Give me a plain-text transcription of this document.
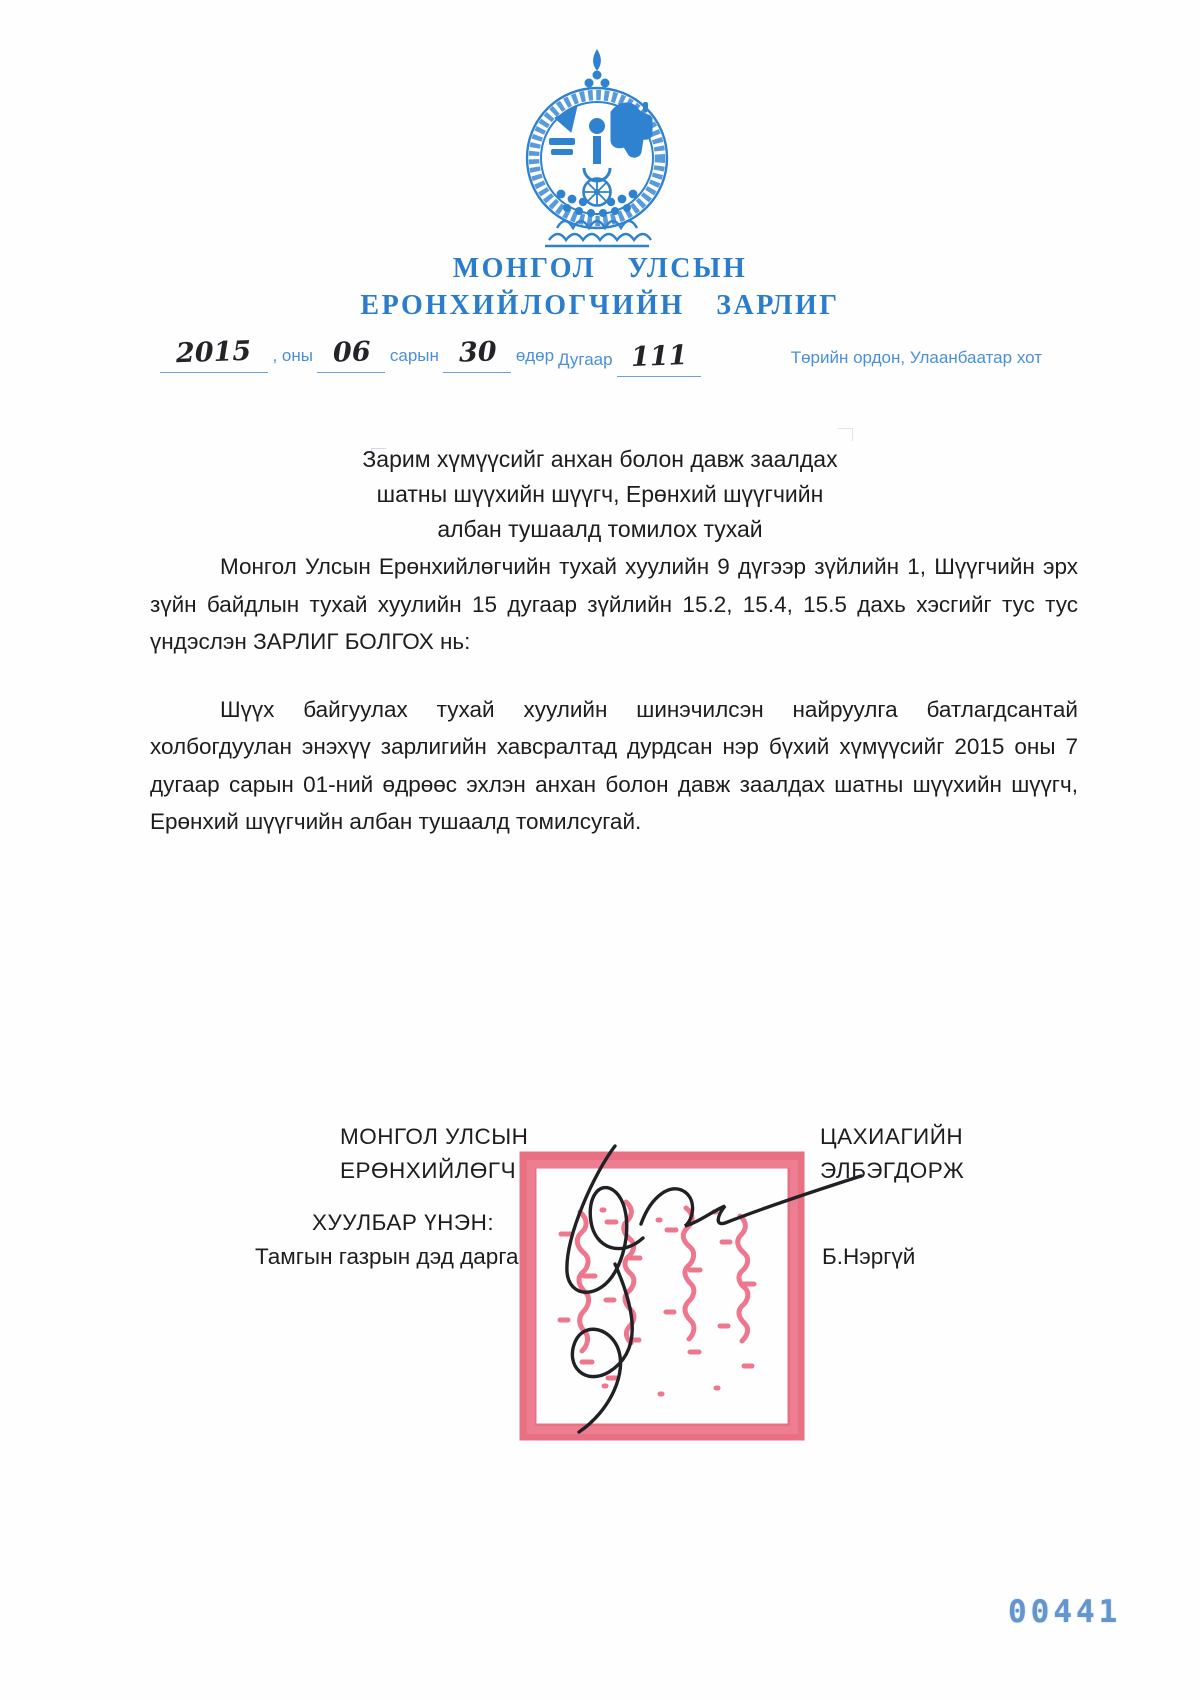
МОНГОЛ УЛСЫН
ЕРОНХИЙЛОГЧИЙН ЗАРЛИГ
2015 , оны 06 сарын 30 өдөр Дугаар 111	Төрийн ордон, Улаанбаатар хот
Зарим хүмүүсийг анхан болон давж заалдах
шатны шүүхийн шүүгч, Ерөнхий шүүгчийн
албан тушаалд томилох тухай

Монгол Улсын Ерөнхийлөгчийн тухай хуулийн 9 дүгээр зүйлийн 1, Шүүгчийн эрх зүйн байдлын тухай хуулийн 15 дугаар зүйлийн 15.2, 15.4, 15.5 дахь хэсгийг тус тус үндэслэн ЗАРЛИГ БОЛГОХ нь:

Шүүх байгуулах тухай хуулийн шинэчилсэн найруулга батлагдсантай холбогдуулан энэхүү зарлигийн хавсралтад дурдсан нэр бүхий хүмүүсийг 2015 оны 7 дугаар сарын 01-ний өдрөөс эхлэн анхан болон давж заалдах шатны шүүхийн шүүгч, Ерөнхий шүүгчийн албан тушаалд томилсугай.

МОНГОЛ УЛСЫН
ЕРӨНХИЙЛӨГЧ
ЦАХИАГИЙН
ЭЛБЭГДОРЖ
ХУУЛБАР ҮНЭН:
Тамгын газрын дэд дарга	Б.Нэргүй
00441
